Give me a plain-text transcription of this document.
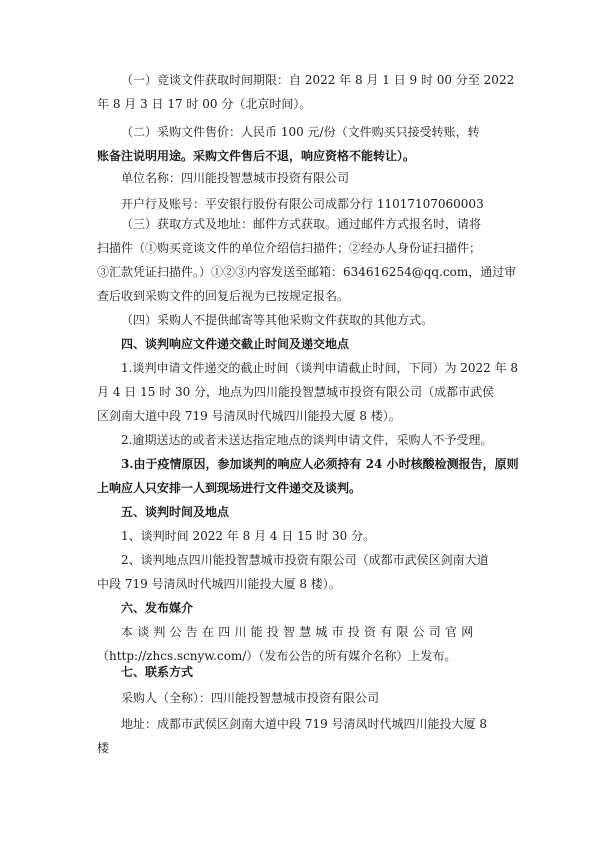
（一）竞谈文件获取时间期限：自 2022 年 8 月 1 日 9 时 00 分至 2022
年 8 月 3 日 17 时 00 分（北京时间）。
（二）采购文件售价：人民币 100 元/份（文件购买只接受转账，转
账备注说明用途。采购文件售后不退，响应资格不能转让）。
单位名称：四川能投智慧城市投资有限公司
开户行及账号：平安银行股份有限公司成都分行 11017107060003
（三）获取方式及地址：邮件方式获取。通过邮件方式报名时，请将
扫描件（①购买竞谈文件的单位介绍信扫描件；②经办人身份证扫描件；
③汇款凭证扫描件。）①②③内容发送至邮箱：634616254@qq.com，通过审
查后收到采购文件的回复后视为已按规定报名。
（四）采购人不提供邮寄等其他采购文件获取的其他方式。
四、谈判响应文件递交截止时间及递交地点
1.谈判申请文件递交的截止时间（谈判申请截止时间，下同）为 2022 年 8
月 4 日 15 时 30 分，地点为四川能投智慧城市投资有限公司（成都市武侯
区剑南大道中段 719 号清凤时代城四川能投大厦 8 楼）。
2.逾期送达的或者未送达指定地点的谈判申请文件，采购人不予受理。
3.由于疫情原因，参加谈判的响应人必须持有 24 小时核酸检测报告，原则
上响应人只安排一人到现场进行文件递交及谈判。
五、谈判时间及地点
1、谈判时间 2022 年 8 月 4 日 15 时 30 分。
2、谈判地点四川能投智慧城市投资有限公司（成都市武侯区剑南大道
中段 719 号清凤时代城四川能投大厦 8 楼）。
六、发布媒介
本谈判公告在四川能投智慧城市投资有限公司官网
（http://zhcs.scnyw.com/）（发布公告的所有媒介名称）上发布。
七、联系方式
采购人（全称）：四川能投智慧城市投资有限公司
地址：成都市武侯区剑南大道中段 719 号清凤时代城四川能投大厦 8
楼
